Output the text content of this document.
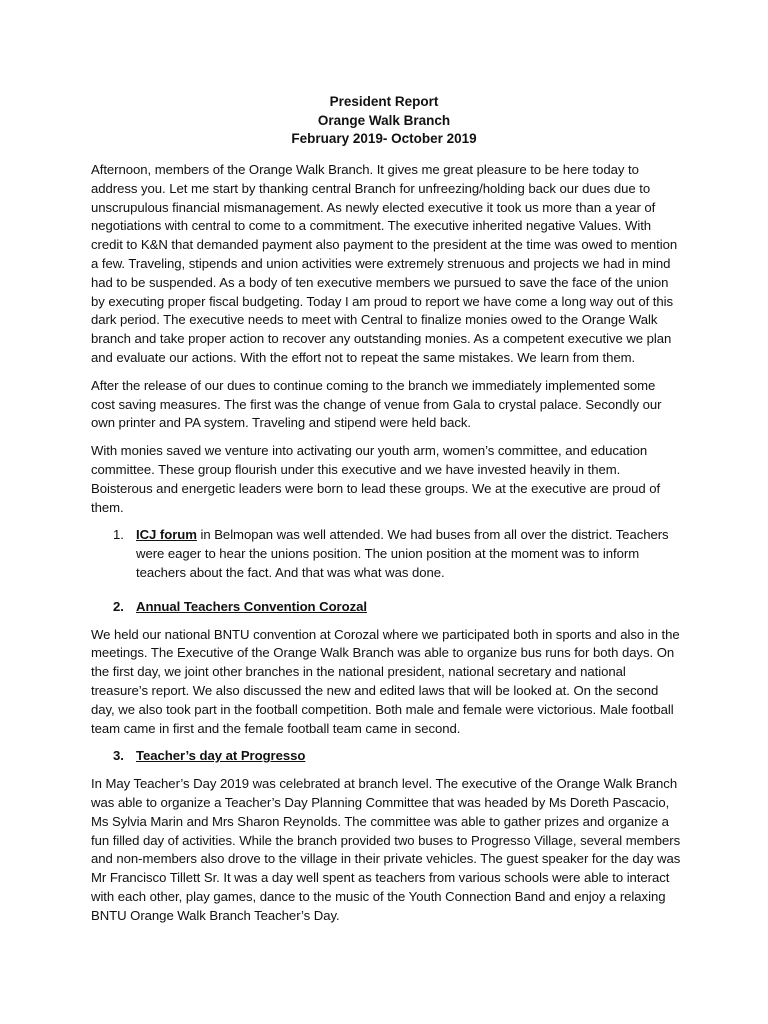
President Report
Orange Walk Branch
February 2019- October 2019

Afternoon, members of the Orange Walk Branch. It gives me great pleasure to be here today to address you. Let me start by thanking central Branch for unfreezing/holding back our dues due to unscrupulous financial mismanagement. As newly elected executive it took us more than a year of negotiations with central to come to a commitment. The executive inherited negative Values. With credit to K&N that demanded payment also payment to the president at the time was owed to mention a few. Traveling, stipends and union activities were extremely strenuous and projects we had in mind had to be suspended. As a body of ten executive members we pursued to save the face of the union by executing proper fiscal budgeting. Today I am proud to report we have come a long way out of this dark period. The executive needs to meet with Central to finalize monies owed to the Orange Walk branch and take proper action to recover any outstanding monies. As a competent executive we plan and evaluate our actions. With the effort not to repeat the same mistakes. We learn from them.

After the release of our dues to continue coming to the branch we immediately implemented some cost saving measures. The first was the change of venue from Gala to crystal palace. Secondly our own printer and PA system. Traveling and stipend were held back.

With monies saved we venture into activating our youth arm, women’s committee, and education committee. These group flourish under this executive and we have invested heavily in them. Boisterous and energetic leaders were born to lead these groups. We at the executive are proud of them.

1. ICJ forum in Belmopan was well attended. We had buses from all over the district. Teachers were eager to hear the unions position. The union position at the moment was to inform teachers about the fact. And that was what was done.
2. Annual Teachers Convention Corozal

We held our national BNTU convention at Corozal where we participated both in sports and also in the meetings. The Executive of the Orange Walk Branch was able to organize bus runs for both days. On the first day, we joint other branches in the national president, national secretary and national treasure’s report. We also discussed the new and edited laws that will be looked at. On the second day, we also took part in the football competition. Both male and female were victorious. Male football team came in first and the female football team came in second.

3. Teacher’s day at Progresso

In May Teacher’s Day 2019 was celebrated at branch level. The executive of the Orange Walk Branch was able to organize a Teacher’s Day Planning Committee that was headed by Ms Doreth Pascacio, Ms Sylvia Marin and Mrs Sharon Reynolds. The committee was able to gather prizes and organize a fun filled day of activities. While the branch provided two buses to Progresso Village, several members and non-members also drove to the village in their private vehicles. The guest speaker for the day was Mr Francisco Tillett Sr. It was a day well spent as teachers from various schools were able to interact with each other, play games, dance to the music of the Youth Connection Band and enjoy a relaxing BNTU Orange Walk Branch Teacher’s Day.
